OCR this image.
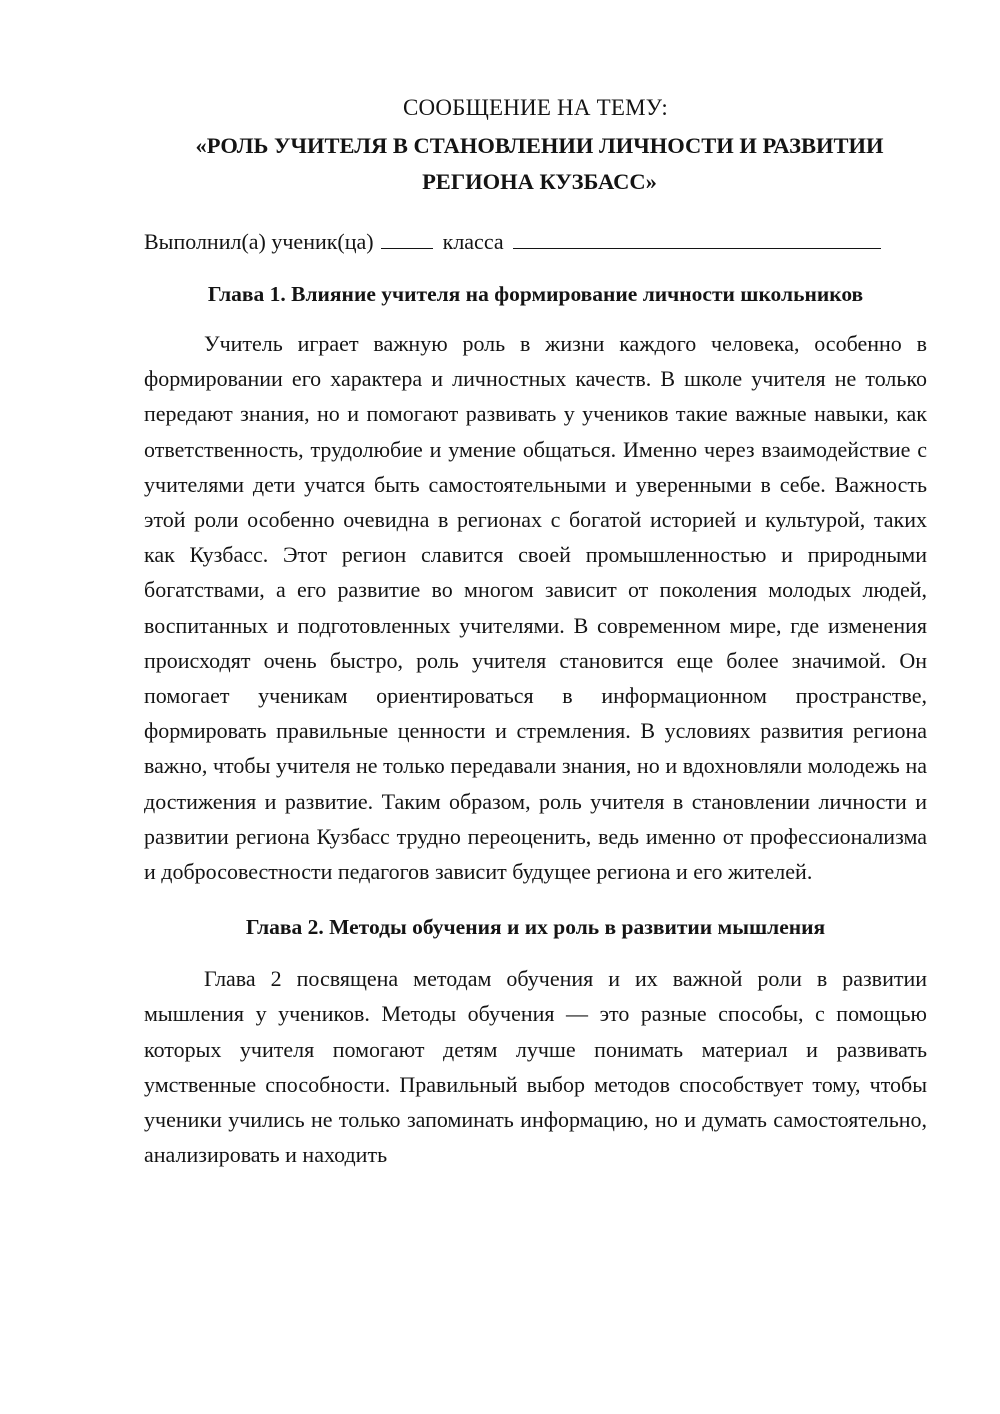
СООБЩЕНИЕ НА ТЕМУ:

«РОЛЬ УЧИТЕЛЯ В СТАНОВЛЕНИИ ЛИЧНОСТИ И РАЗВИТИИ

РЕГИОНА КУЗБАСС»

Выполнил(а) ученик(ца)	класса

Глава 1. Влияние учителя на формирование личности школьников

Учитель играет важную роль в жизни каждого человека, особенно в формировании его характера и личностных качеств. В школе учителя не только передают знания, но и помогают развивать у учеников такие важные навыки, как ответственность, трудолюбие и умение общаться. Именно через взаимодействие с учителями дети учатся быть самостоятельными и уверенными в себе. Важность этой роли особенно очевидна в регионах с богатой историей и культурой, таких как Кузбасс. Этот регион славится своей промышленностью и природными богатствами, а его развитие во многом зависит от поколения молодых людей, воспитанных и подготовленных учителями. В современном мире, где изменения происходят очень быстро, роль учителя становится еще более значимой. Он помогает ученикам ориентироваться в информационном пространстве, формировать правильные ценности и стремления. В условиях развития региона важно, чтобы учителя не только передавали знания, но и вдохновляли молодежь на достижения и развитие. Таким образом, роль учителя в становлении личности и развитии региона Кузбасс трудно переоценить, ведь именно от профессионализма и добросовестности педагогов зависит будущее региона и его жителей.

Глава 2. Методы обучения и их роль в развитии мышления

Глава 2 посвящена методам обучения и их важной роли в развитии мышления у учеников. Методы обучения — это разные способы, с помощью которых учителя помогают детям лучше понимать материал и развивать умственные способности. Правильный выбор методов способствует тому, чтобы ученики учились не только запоминать информацию, но и думать самостоятельно, анализировать и находить
